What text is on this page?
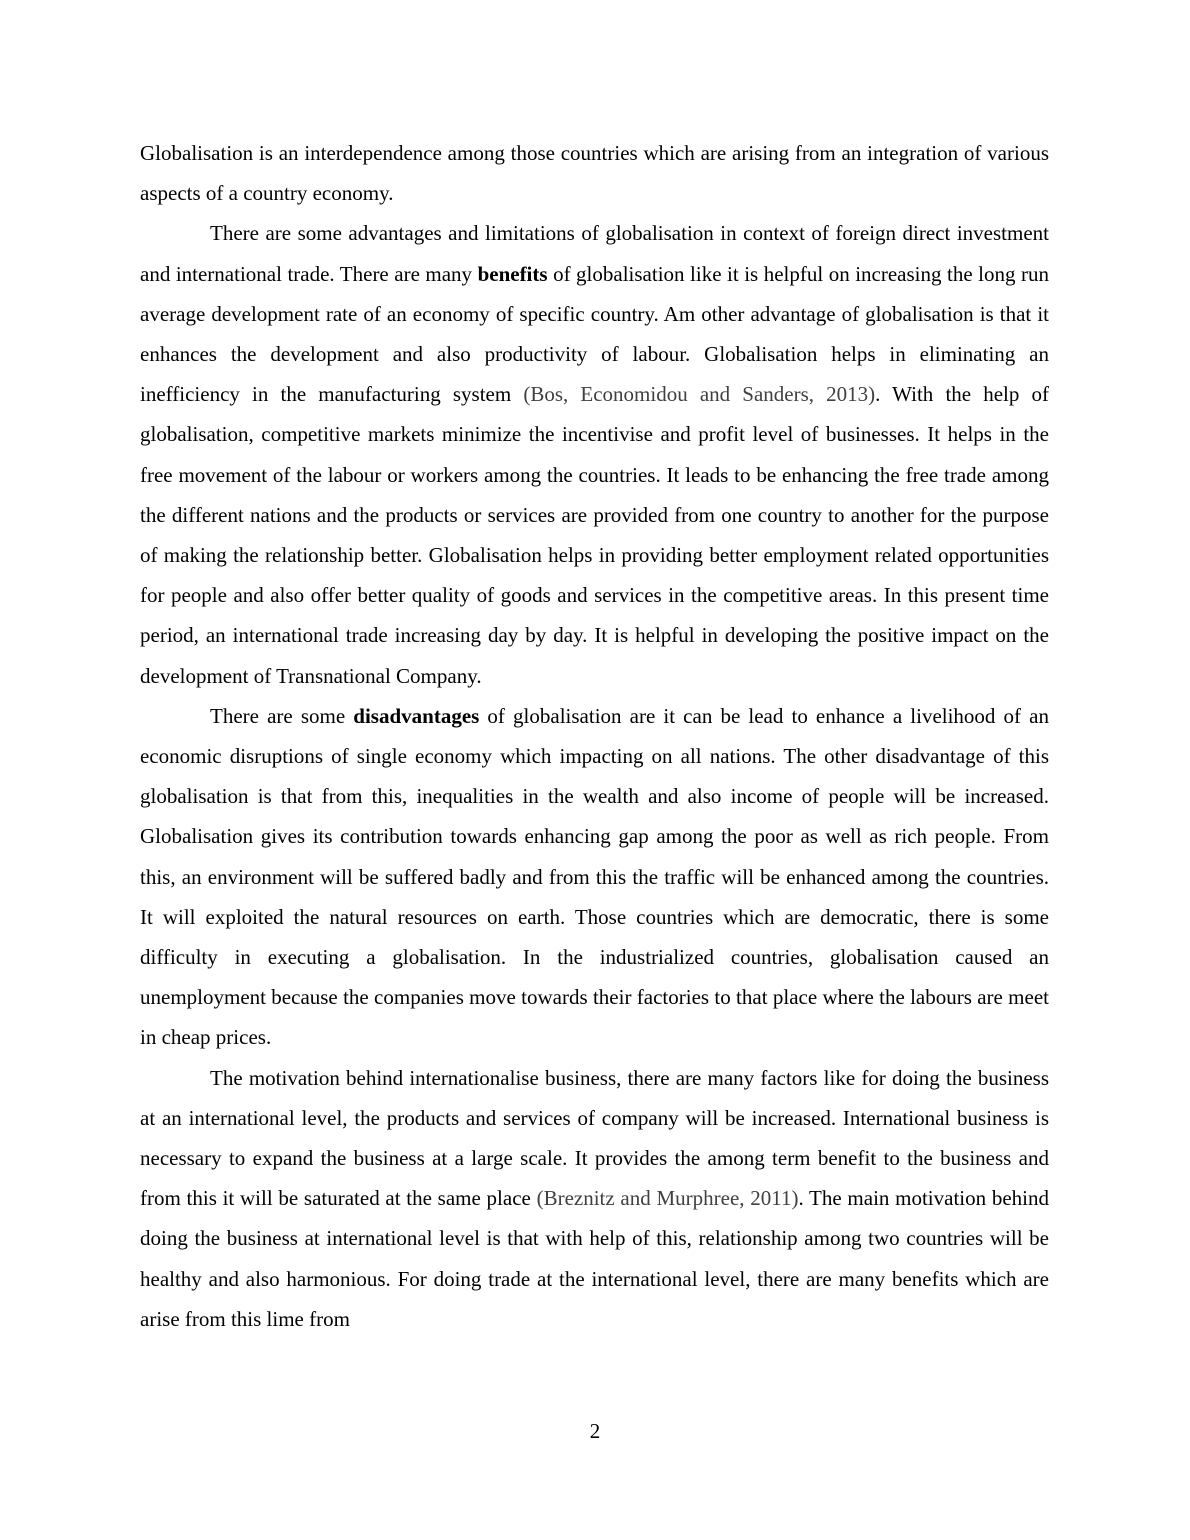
Globalisation is an interdependence among those countries which are arising from an integration of various aspects of a country economy.

There are some advantages and limitations of globalisation in context of foreign direct investment and international trade. There are many benefits of globalisation like it is helpful on increasing the long run average development rate of an economy of specific country. Am other advantage of globalisation is that it enhances the development and also productivity of labour. Globalisation helps in eliminating an inefficiency in the manufacturing system (Bos, Economidou and Sanders, 2013). With the help of globalisation, competitive markets minimize the incentivise and profit level of businesses. It helps in the free movement of the labour or workers among the countries. It leads to be enhancing the free trade among the different nations and the products or services are provided from one country to another for the purpose of making the relationship better. Globalisation helps in providing better employment related opportunities for people and also offer better quality of goods and services in the competitive areas. In this present time period, an international trade increasing day by day. It is helpful in developing the positive impact on the development of Transnational Company.

There are some disadvantages of globalisation are it can be lead to enhance a livelihood of an economic disruptions of single economy which impacting on all nations. The other disadvantage of this globalisation is that from this, inequalities in the wealth and also income of people will be increased. Globalisation gives its contribution towards enhancing gap among the poor as well as rich people. From this, an environment will be suffered badly and from this the traffic will be enhanced among the countries. It will exploited the natural resources on earth. Those countries which are democratic, there is some difficulty in executing a globalisation. In the industrialized countries, globalisation caused an unemployment because the companies move towards their factories to that place where the labours are meet in cheap prices.

The motivation behind internationalise business, there are many factors like for doing the business at an international level, the products and services of company will be increased. International business is necessary to expand the business at a large scale. It provides the among term benefit to the business and from this it will be saturated at the same place (Breznitz and Murphree, 2011). The main motivation behind doing the business at international level is that with help of this, relationship among two countries will be healthy and also harmonious. For doing trade at the international level, there are many benefits which are arise from this lime from

2
